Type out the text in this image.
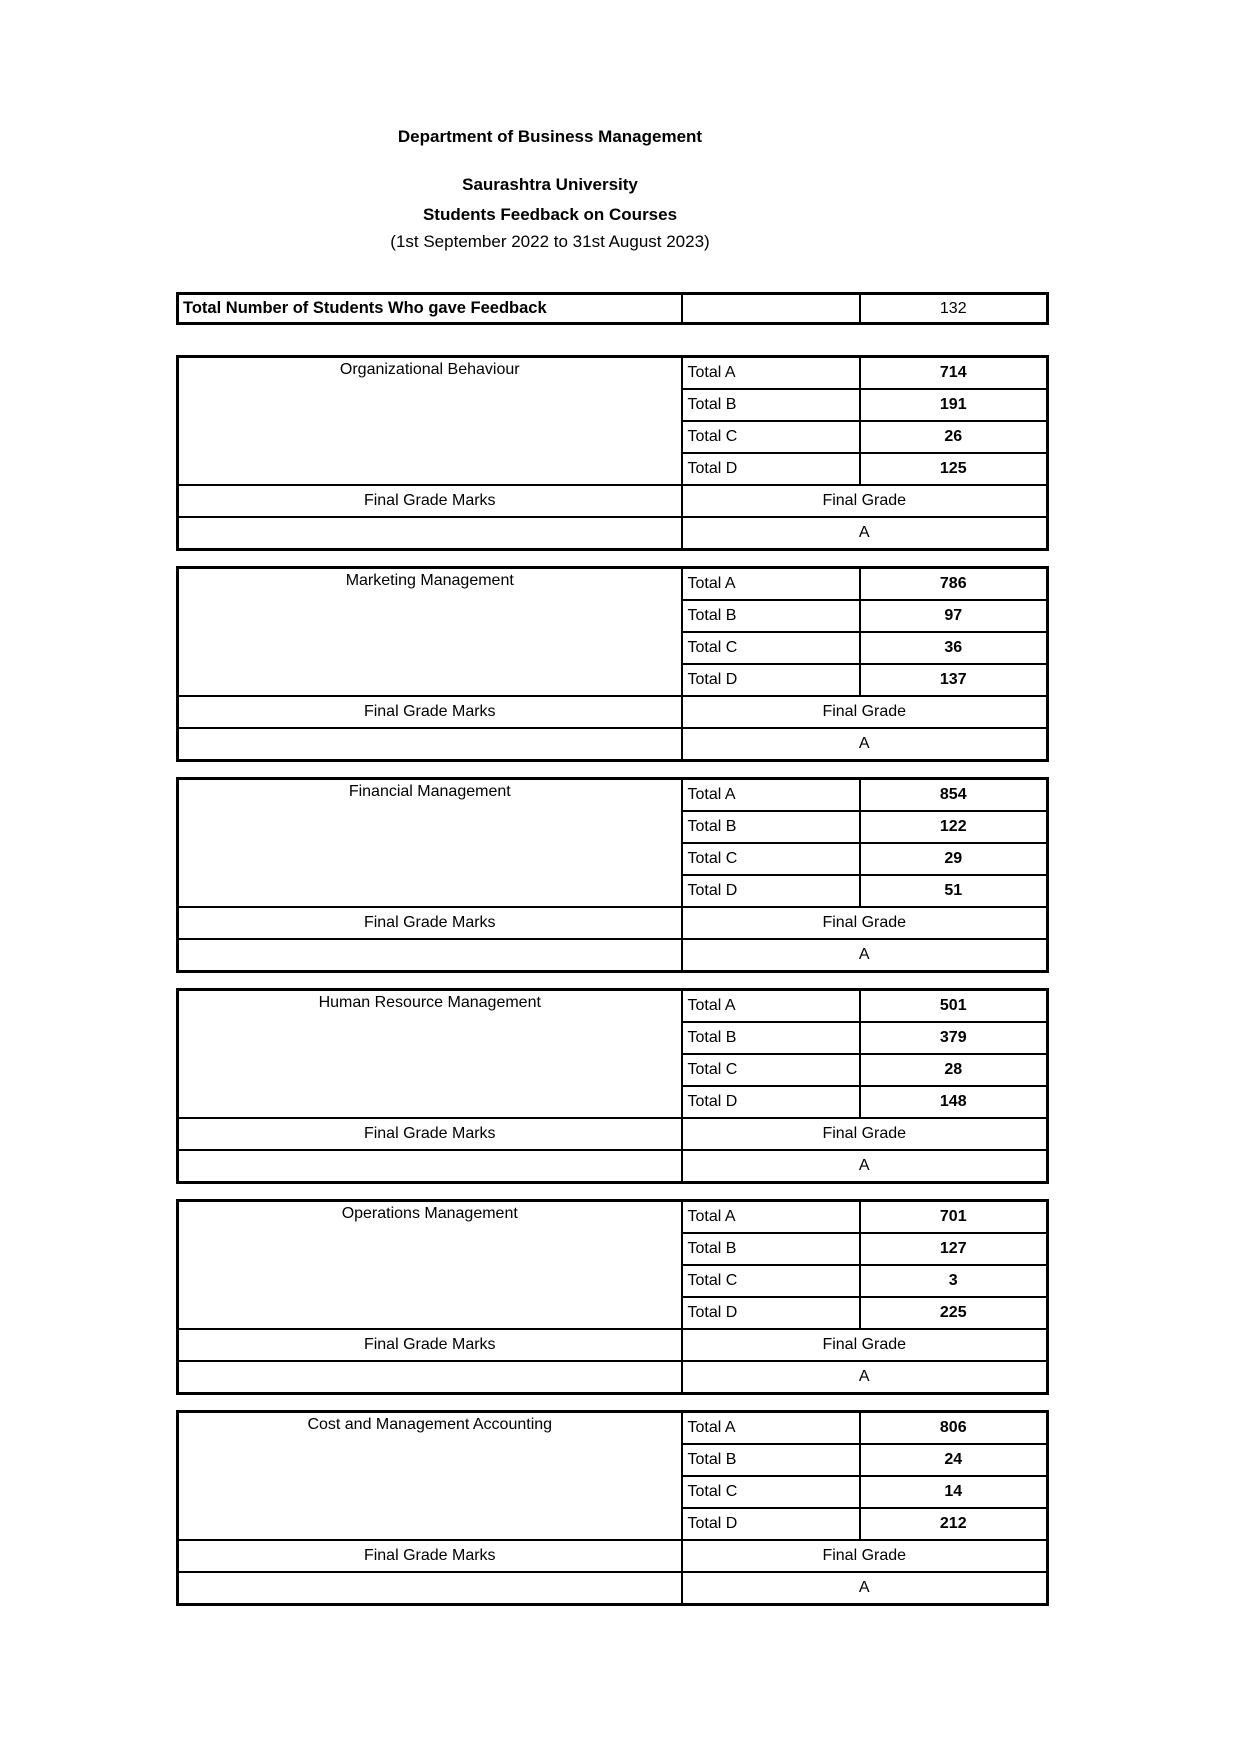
Department of Business Management
Saurashtra University
Students Feedback on Courses
(1st September 2022 to 31st August 2023)
Total Number of Students Who gave Feedback		132
Organizational Behaviour	Total A	714
	Total B	191
	Total C	26
	Total D	125
Final Grade Marks	Final Grade	
	A	
Marketing Management	Total A	786
	Total B	97
	Total C	36
	Total D	137
Final Grade Marks	Final Grade	
	A	
Financial Management	Total A	854
	Total B	122
	Total C	29
	Total D	51
Final Grade Marks	Final Grade	
	A	
Human Resource Management	Total A	501
	Total B	379
	Total C	28
	Total D	148
Final Grade Marks	Final Grade	
	A	
Operations Management	Total A	701
	Total B	127
	Total C	3
	Total D	225
Final Grade Marks	Final Grade	
	A	
Cost and Management Accounting	Total A	806
	Total B	24
	Total C	14
	Total D	212
Final Grade Marks	Final Grade	
	A	
